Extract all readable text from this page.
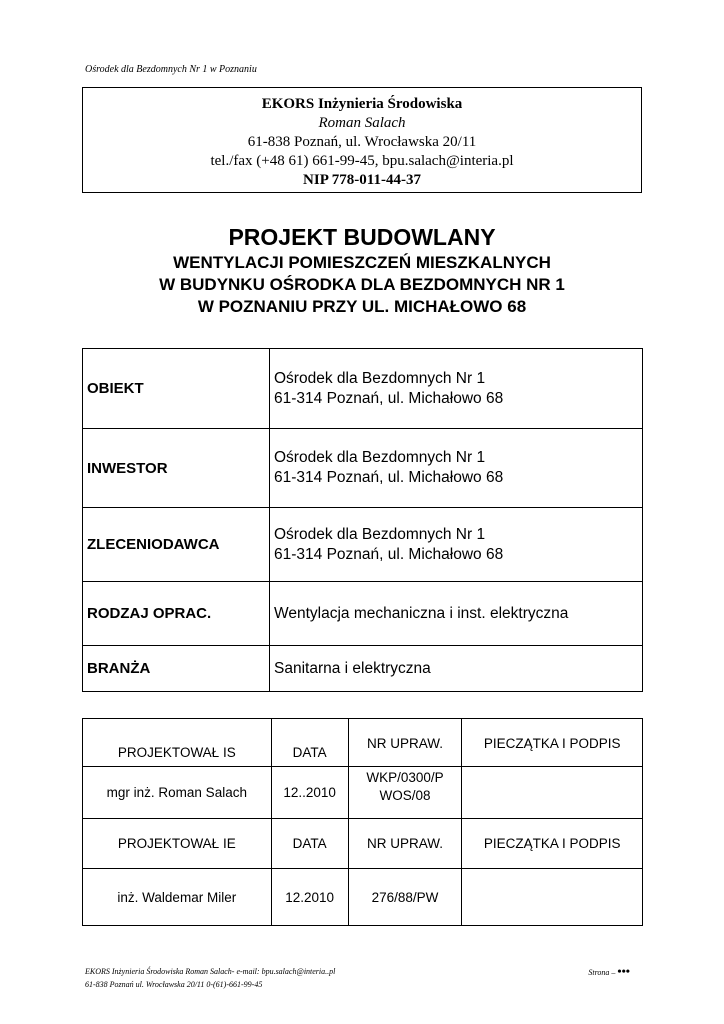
Ośrodek dla Bezdomnych Nr 1 w Poznaniu
EKORS Inżynieria Środowiska
Roman Salach
61-838 Poznań, ul. Wrocławska 20/11
tel./fax (+48 61) 661-99-45, bpu.salach@interia.pl
NIP 778-011-44-37
PROJEKT BUDOWLANY
WENTYLACJI POMIESZCZEŃ MIESZKALNYCH
W BUDYNKU OŚRODKA DLA BEZDOMNYCH NR 1
W POZNANIU PRZY UL. MICHAŁOWO 68
OBIEKT	Ośrodek dla Bezdomnych Nr 1
61-314 Poznań, ul. Michałowo 68

INWESTOR	Ośrodek dla Bezdomnych Nr 1
61-314 Poznań, ul. Michałowo 68

ZLECENIODAWCA	Ośrodek dla Bezdomnych Nr 1
61-314 Poznań, ul. Michałowo 68

RODZAJ OPRAC.	Wentylacja mechaniczna i inst. elektryczna

BRANŻA	Sanitarna i elektryczna
PROJEKTOWAŁ IS	DATA	NR UPRAW.	PIECZĄTKA I PODPIS
mgr inż. Roman Salach	12..2010	WKP/0300/P
WOS/08	

PROJEKTOWAŁ IE	DATA	NR UPRAW.	PIECZĄTKA I PODPIS
inż. Waldemar Miler	12.2010	276/88/PW	
EKORS Inżynieria Środowiska Roman Salach- e-mail: bpu.salach@interia..pl
61-838 Poznań ul. Wrocławska 20/11 0-(61)-661-99-45
Strona – •••
